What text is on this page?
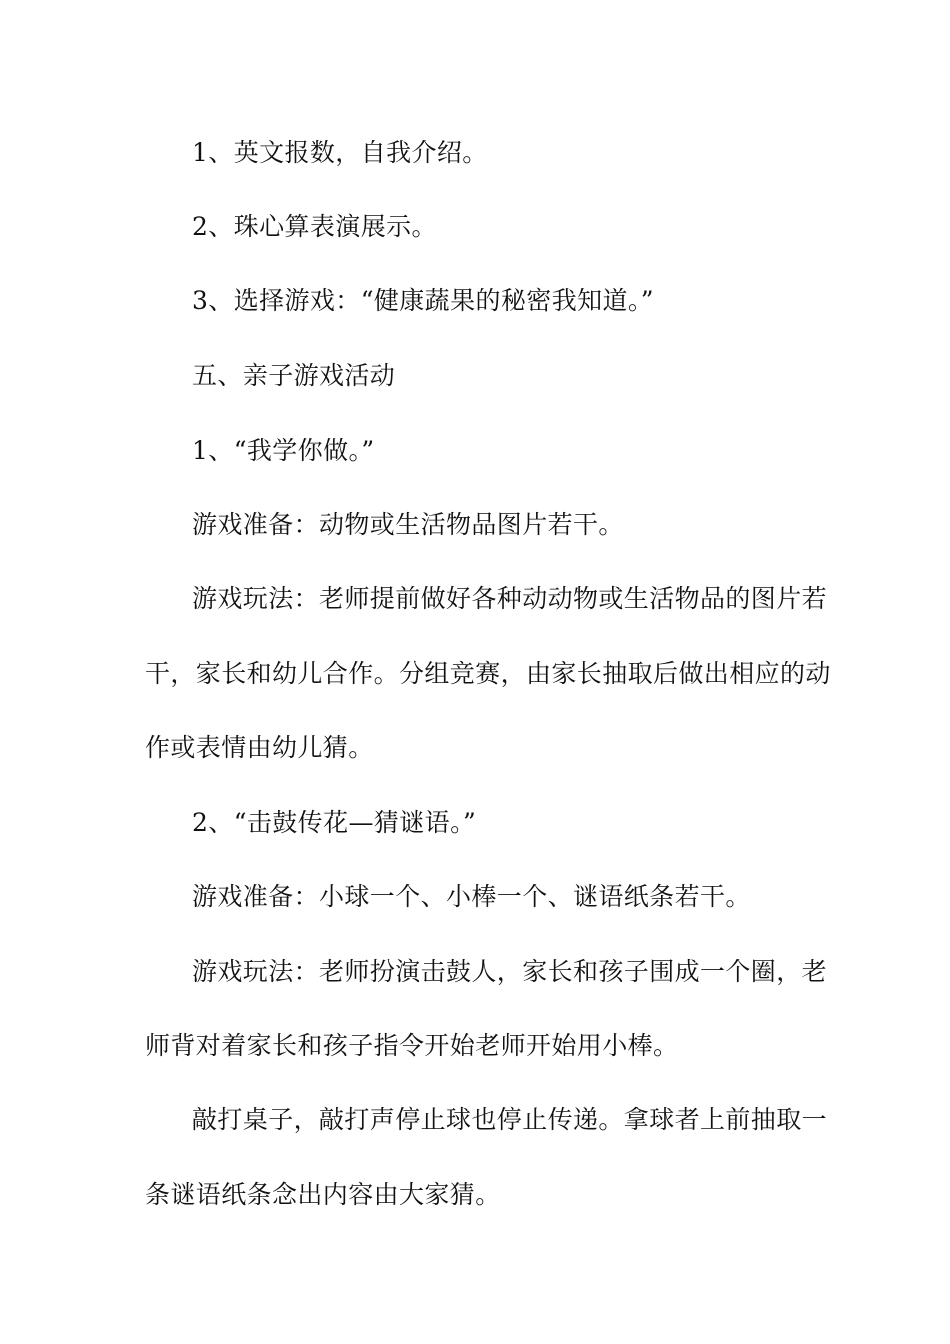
1、英文报数，自我介绍。
2、珠心算表演展示。
3、选择游戏：“健康蔬果的秘密我知道。”
五、亲子游戏活动
1、“我学你做。”
游戏准备：动物或生活物品图片若干。
游戏玩法：老师提前做好各种动动物或生活物品的图片若
干，家长和幼儿合作。分组竞赛，由家长抽取后做出相应的动
作或表情由幼儿猜。
2、“击鼓传花—猜谜语。”
游戏准备：小球一个、小棒一个、谜语纸条若干。
游戏玩法：老师扮演击鼓人，家长和孩子围成一个圈，老
师背对着家长和孩子指令开始老师开始用小棒。
敲打桌子，敲打声停止球也停止传递。拿球者上前抽取一
条谜语纸条念出内容由大家猜。
